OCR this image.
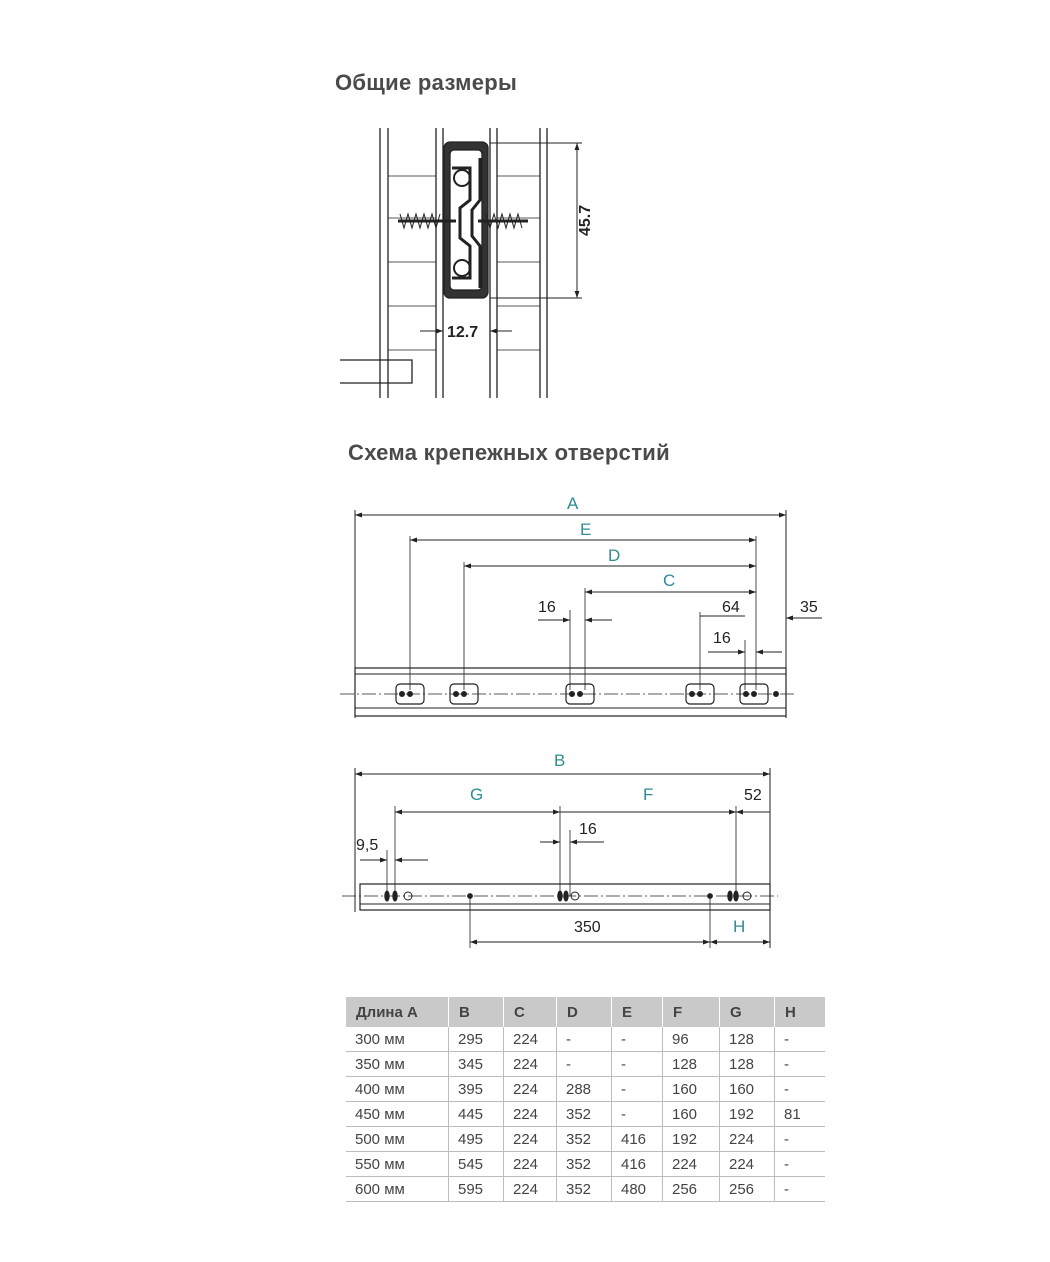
Общие размеры
Схема крепежных отверстий
45.7
12.7
A
E
D
C
16	64
16
35
B
G	F	52
16
9,5
350	H
Длина A	B	C	D	E	F	G	H
300 мм	295	224	-	-	96	128	-
350 мм	345	224	-	-	128	128	-
400 мм	395	224	288	-	160	160	-
450 мм	445	224	352	-	160	192	81
500 мм	495	224	352	416	192	224	-
550 мм	545	224	352	416	224	224	-
600 мм	595	224	352	480	256	256	-
